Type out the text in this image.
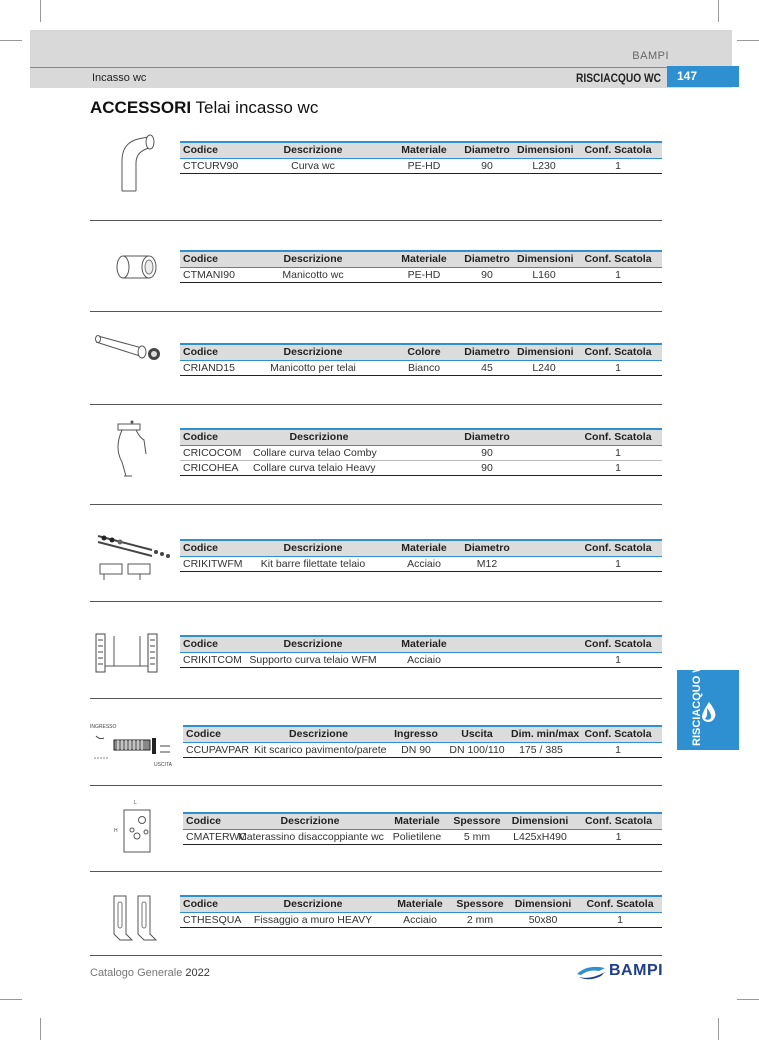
BAMPI
Incasso wc	RISCIACQUO WC	147
ACCESSORI Telai incasso wc
Codice	Descrizione	Materiale	Diametro	Dimensioni	Conf. Scatola
CTCURV90	Curva wc	PE-HD	90	L230	1
Codice	Descrizione	Materiale	Diametro	Dimensioni	Conf. Scatola
CTMANI90	Manicotto wc	PE-HD	90	L160	1
Codice	Descrizione	Colore	Diametro	Dimensioni	Conf. Scatola
CRIAND15	Manicotto per telai	Bianco	45	L240	1
Codice	Descrizione		Diametro		Conf. Scatola
CRICOCOM	Collare curva telao Comby		90		1
CRICOHEA	Collare curva telaio Heavy		90		1
Codice	Descrizione	Materiale	Diametro		Conf. Scatola
CRIKITWFM	Kit barre filettate telaio	Acciaio	M12		1
Codice	Descrizione	Materiale			Conf. Scatola
CRIKITCOM	Supporto curva telaio WFM	Acciaio			1
INGRESSO
USCITA
Codice	Descrizione	Ingresso	Uscita	Dim. min/max	Conf. Scatola
CCUPAVPAR	Kit scarico pavimento/parete	DN 90	DN 100/110	175 / 385	1
L
H
Codice	Descrizione	Materiale	Spessore	Dimensioni	Conf. Scatola
CMATERWC	Materassino disaccoppiante wc	Polietilene	5 mm	L425xH490	1
Codice	Descrizione	Materiale	Spessore	Dimensioni	Conf. Scatola
CTHESQUA	Fissaggio a muro HEAVY	Acciaio	2 mm	50x80	1
RISCIACQUO WC
Catalogo Generale 2022	BAMPI
